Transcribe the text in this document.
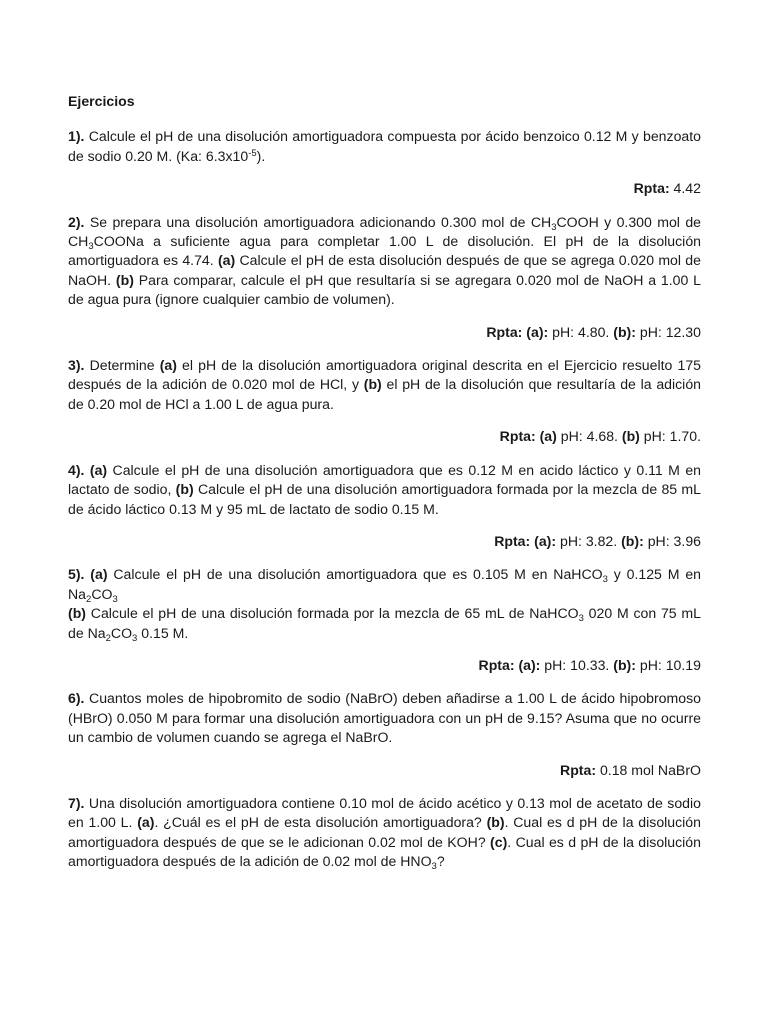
Ejercicios

1). Calcule el pH de una disolución amortiguadora compuesta por ácido benzoico 0.12 M y benzoato de sodio 0.20 M. (Ka: $6.3x10^{-5}$).

Rpta: 4.42

2). Se prepara una disolución amortiguadora adicionando 0.300 mol de $CH_3COOH$ y 0.300 mol de $CH_3COONa$ a suficiente agua para completar 1.00 L de disolución. El pH de la disolución amortiguadora es 4.74. (a) Calcule el pH de esta disolución después de que se agrega 0.020 mol de NaOH. (b) Para comparar, calcule el pH que resultaría si se agregara 0.020 mol de NaOH a 1.00 L de agua pura (ignore cualquier cambio de volumen).

Rpta: (a): pH: 4.80. (b): pH: 12.30

3). Determine (a) el pH de la disolución amortiguadora original descrita en el Ejercicio resuelto 175 después de la adición de 0.020 mol de HCl, y (b) el pH de la disolución que resultaría de la adición de 0.20 mol de HCl a 1.00 L de agua pura.

Rpta: (a) pH: 4.68. (b) pH: 1.70.

4). (a) Calcule el pH de una disolución amortiguadora que es 0.12 M en acido láctico y 0.11 M en lactato de sodio, (b) Calcule el pH de una disolución amortiguadora formada por la mezcla de 85 mL de ácido láctico 0.13 M y 95 mL de lactato de sodio 0.15 M.

Rpta: (a): pH: 3.82. (b): pH: 3.96

5). (a) Calcule el pH de una disolución amortiguadora que es 0.105 M en NaHCO$_3$ y 0.125 M en $Na_2CO_3$
(b) Calcule el pH de una disolución formada por la mezcla de 65 mL de NaHCO$_3$ 020 M con 75 mL de $Na_2CO_3$ 0.15 M.

Rpta: (a): pH: 10.33. (b): pH: 10.19

6). Cuantos moles de hipobromito de sodio (NaBrO) deben añadirse a 1.00 L de ácido hipobromoso (HBrO) 0.050 M para formar una disolución amortiguadora con un pH de 9.15? Asuma que no ocurre un cambio de volumen cuando se agrega el NaBrO.

Rpta: 0.18 mol NaBrO

7). Una disolución amortiguadora contiene 0.10 mol de ácido acético y 0.13 mol de acetato de sodio en 1.00 L. (a). ¿Cuál es el pH de esta disolución amortiguadora? (b). Cual es d pH de la disolución amortiguadora después de que se le adicionan 0.02 mol de KOH? (c). Cual es d pH de la disolución amortiguadora después de la adición de 0.02 mol de $HNO_3$?
